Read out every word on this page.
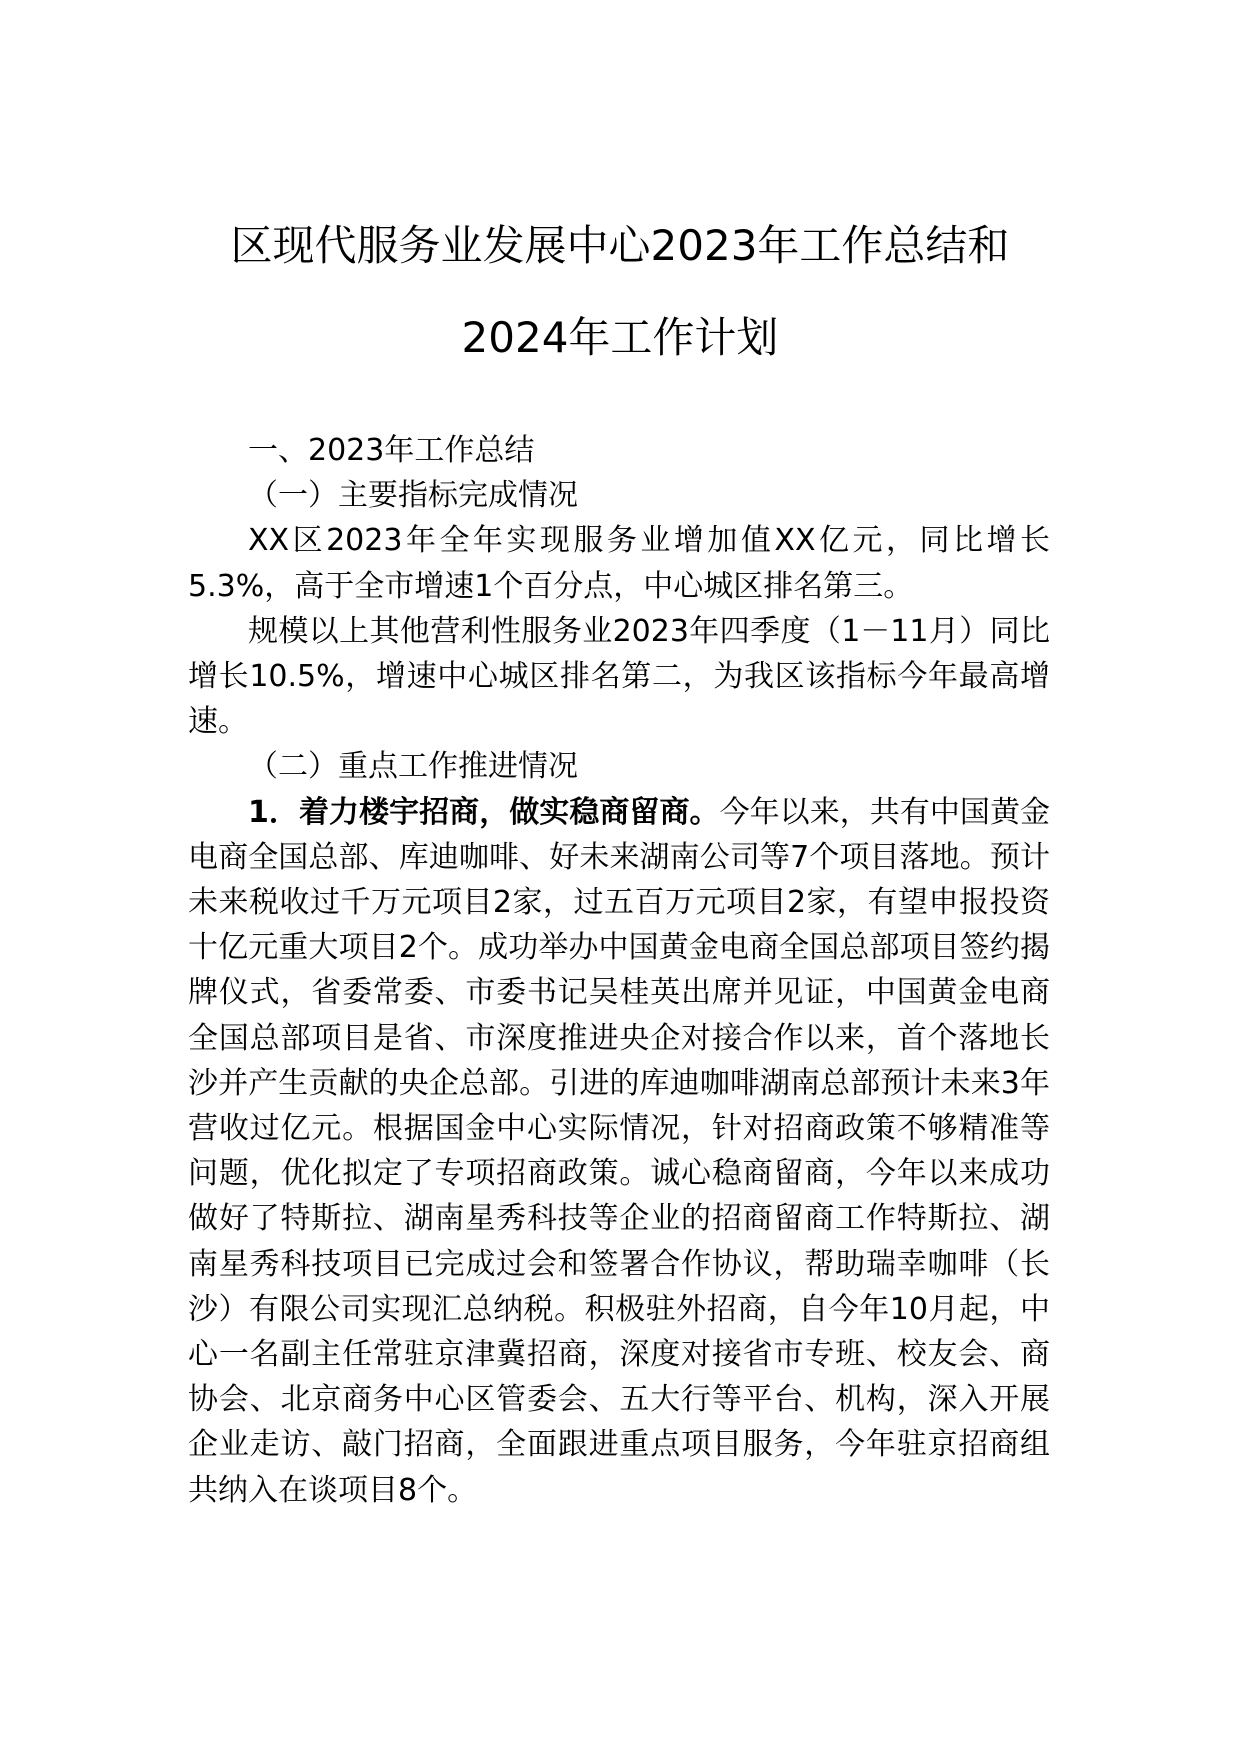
区现代服务业发展中心2023年工作总结和
2024年工作计划

一、2023年工作总结

（一）主要指标完成情况

XX区2023年全年实现服务业增加值XX亿元，同比增长5.3%，高于全市增速1个百分点，中心城区排名第三。

规模以上其他营利性服务业2023年四季度（1－11月）同比增长10.5%，增速中心城区排名第二，为我区该指标今年最高增速。

（二）重点工作推进情况

1．着力楼宇招商，做实稳商留商。今年以来，共有中国黄金电商全国总部、库迪咖啡、好未来湖南公司等7个项目落地。预计未来税收过千万元项目2家，过五百万元项目2家，有望申报投资十亿元重大项目2个。成功举办中国黄金电商全国总部项目签约揭牌仪式，省委常委、市委书记吴桂英出席并见证，中国黄金电商全国总部项目是省、市深度推进央企对接合作以来，首个落地长沙并产生贡献的央企总部。引进的库迪咖啡湖南总部预计未来3年营收过亿元。根据国金中心实际情况，针对招商政策不够精准等问题，优化拟定了专项招商政策。诚心稳商留商，今年以来成功做好了特斯拉、湖南星秀科技等企业的招商留商工作特斯拉、湖南星秀科技项目已完成过会和签署合作协议，帮助瑞幸咖啡（长沙）有限公司实现汇总纳税。积极驻外招商，自今年10月起，中心一名副主任常驻京津冀招商，深度对接省市专班、校友会、商协会、北京商务中心区管委会、五大行等平台、机构，深入开展企业走访、敲门招商，全面跟进重点项目服务，今年驻京招商组共纳入在谈项目8个。
